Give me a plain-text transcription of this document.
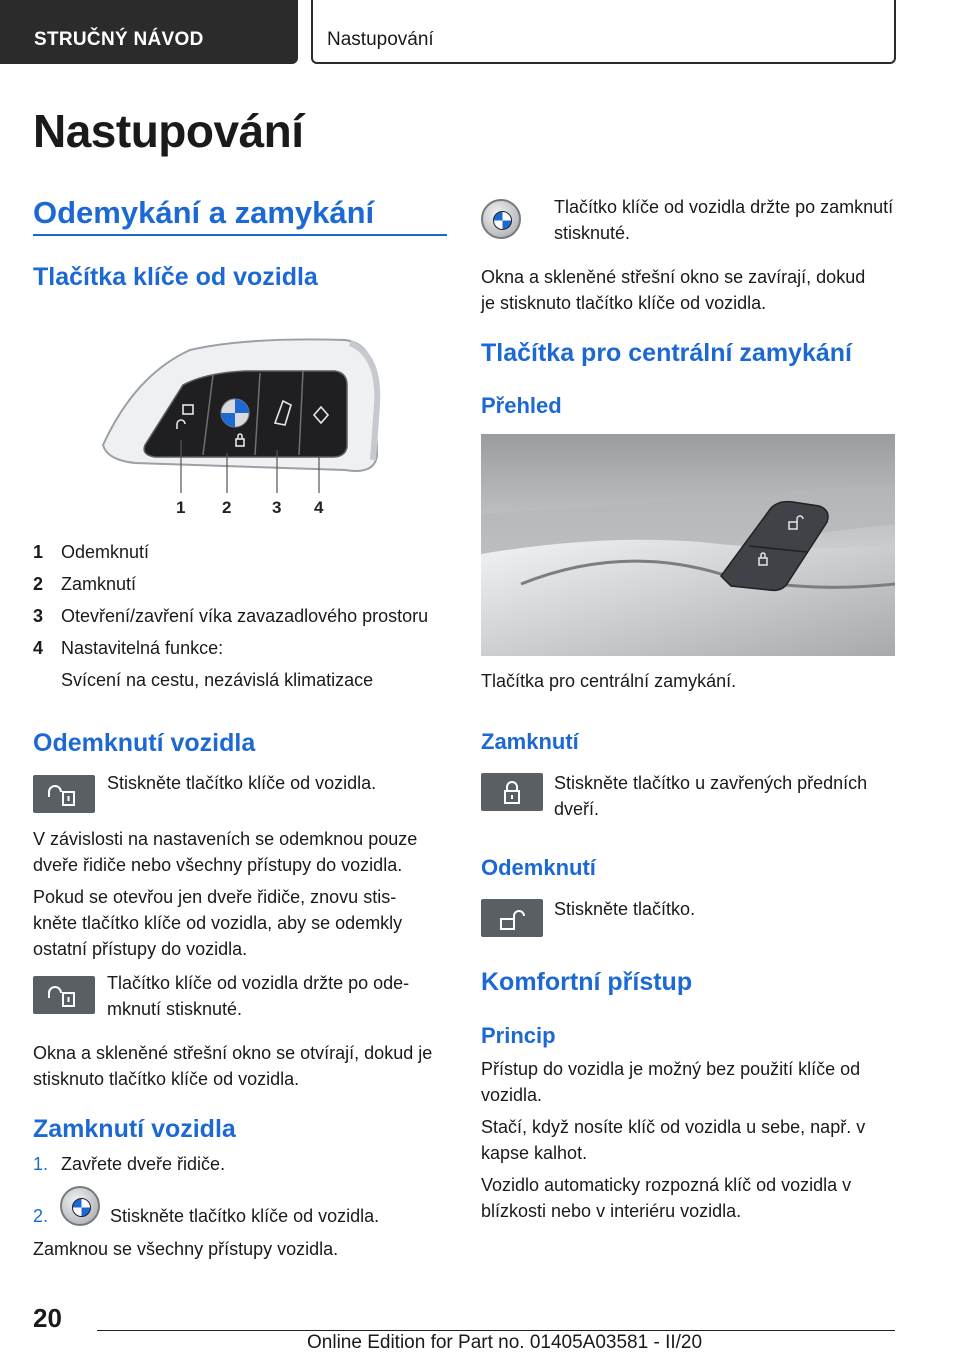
STRUČNÝ NÁVOD	Nastupování
Nastupování
Odemykání a zamykání
Tlačítka klíče od vozidla
1 2 3 4
1 Odemknutí
2 Zamknutí
3 Otevření/zavření víka zavazadlového prostoru
4 Nastavitelná funkce:
Svícení na cestu, nezávislá klimatizace
Odemknutí vozidla
Stiskněte tlačítko klíče od vozidla.
V závislosti na nastaveních se odemknou pouze
dveře řidiče nebo všechny přístupy do vozidla.
Pokud se otevřou jen dveře řidiče, znovu stis-
kněte tlačítko klíče od vozidla, aby se odemkly
ostatní přístupy do vozidla.
Tlačítko klíče od vozidla držte po ode-
mknutí stisknuté.
Okna a skleněné střešní okno se otvírají, dokud je
stisknuto tlačítko klíče od vozidla.
Zamknutí vozidla
1. Zavřete dveře řidiče.
2.	Stiskněte tlačítko klíče od vozidla.
Zamknou se všechny přístupy vozidla.
Tlačítko klíče od vozidla držte po zamknutí
stisknuté.
Okna a skleněné střešní okno se zavírají, dokud
je stisknuto tlačítko klíče od vozidla.
Tlačítka pro centrální zamykání
Přehled
Tlačítka pro centrální zamykání.
Zamknutí
Stiskněte tlačítko u zavřených předních
dveří.
Odemknutí
Stiskněte tlačítko.
Komfortní přístup
Princip
Přístup do vozidla je možný bez použití klíče od
vozidla.
Stačí, když nosíte klíč od vozidla u sebe, např. v
kapse kalhot.
Vozidlo automaticky rozpozná klíč od vozidla v
blízkosti nebo v interiéru vozidla.
20
Online Edition for Part no. 01405A03581 - II/20
